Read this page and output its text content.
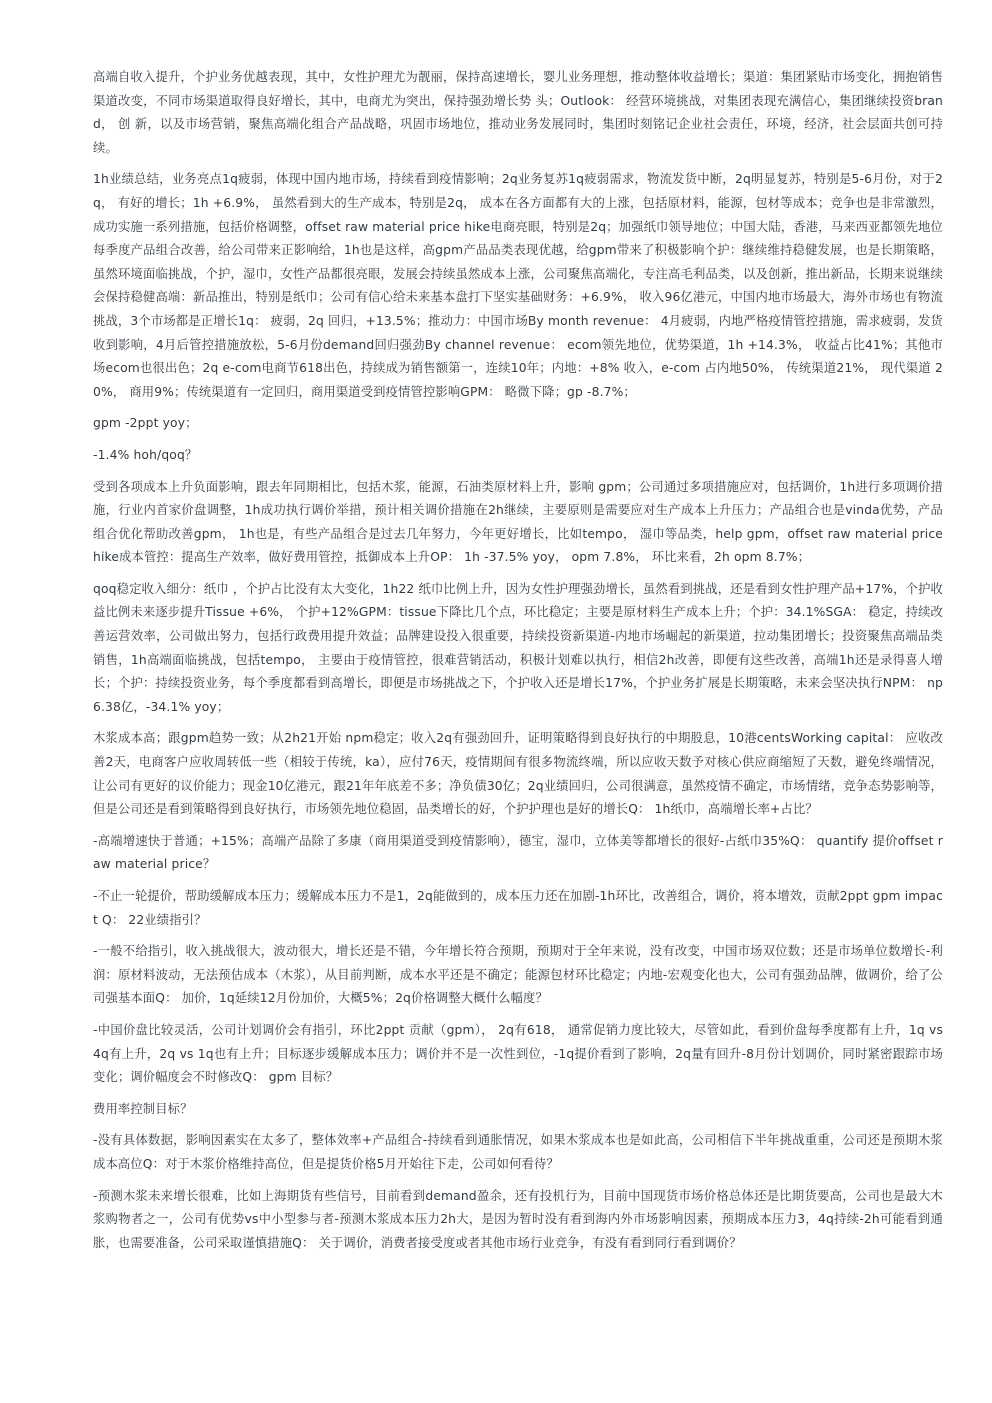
高端自收入提升，个护业务优越表现，其中，女性护理尤为靓丽，保持高速增长，婴儿业务理想，推动整体收益增长；渠道：集团紧贴市场变化，拥抱销售渠道改变，不同市场渠道取得良好增长，其中，电商尤为突出，保持强劲增长势 头；Outlook： 经营环境挑战，对集团表现充满信心，集团继续投资brand， 创 新，以及市场营销，聚焦高端化组合产品战略，巩固市场地位，推动业务发展同时，集团时刻铭记企业社会责任，环境，经济，社会层面共创可持续。

1h业绩总结，业务亮点1q疲弱，体现中国内地市场，持续看到疫情影响；2q业务复苏1q疲弱需求，物流发货中断，2q明显复苏，特别是5-6月份，对于2q， 有好的增长；1h +6.9%， 虽然看到大的生产成本，特别是2q， 成本在各方面都有大的上涨，包括原材料，能源，包材等成本；竞争也是非常激烈，成功实施一系列措施，包括价格调整，offset raw material price hike电商亮眼，特别是2q；加强纸巾领导地位；中国大陆，香港，马来西亚都领先地位每季度产品组合改善，给公司带来正影响给，1h也是这样，高gpm产品品类表现优越，给gpm带来了积极影响个护：继续维持稳健发展，也是长期策略，虽然环境面临挑战，个护，湿巾，女性产品都很亮眼，发展会持续虽然成本上涨，公司聚焦高端化，专注高毛利品类，以及创新，推出新品，长期来说继续会保持稳健高端：新品推出，特别是纸巾；公司有信心给未来基本盘打下坚实基础财务：+6.9%， 收入96亿港元，中国内地市场最大，海外市场也有物流挑战，3个市场都是正增长1q： 疲弱，2q 回归，+13.5%；推动力：中国市场By month revenue： 4月疲弱，内地严格疫情管控措施，需求疲弱，发货收到影响，4月后管控措施放松，5-6月份demand回归强劲By channel revenue： ecom领先地位，优势渠道，1h +14.3%， 收益占比41%；其他市场ecom也很出色；2q e-com电商节618出色，持续成为销售额第一，连续10年；内地：+8% 收入，e-com 占内地50%， 传统渠道21%， 现代渠道 20%， 商用9%；传统渠道有一定回归，商用渠道受到疫情管控影响GPM： 略微下降；gp -8.7%；

gpm -2ppt yoy；

-1.4% hoh/qoq？

受到各项成本上升负面影响，跟去年同期相比，包括木浆，能源，石油类原材料上升，影响 gpm；公司通过多项措施应对，包括调价，1h进行多项调价措施，行业内首家价盘调整，1h成功执行调价举措，预计相关调价措施在2h继续，主要原则是需要应对生产成本上升压力；产品组合也是vinda优势，产品组合优化帮助改善gpm， 1h也是，有些产品组合是过去几年努力，今年更好增长，比如tempo， 湿巾等品类，help gpm，offset raw material price hike成本管控：提高生产效率，做好费用管控，抵御成本上升OP： 1h -37.5% yoy， opm 7.8%， 环比来看，2h opm 8.7%；

qoq稳定收入细分：纸巾 ，个护占比没有太大变化，1h22 纸巾比例上升，因为女性护理强劲增长，虽然看到挑战，还是看到女性护理产品+17%，个护收益比例未来逐步提升Tissue +6%， 个护+12%GPM：tissue下降比几个点，环比稳定；主要是原材料生产成本上升；个护：34.1%SGA： 稳定，持续改善运营效率，公司做出努力，包括行政费用提升效益；品牌建设投入很重要，持续投资新渠道-内地市场崛起的新渠道，拉动集团增长；投资聚焦高端品类销售，1h高端面临挑战，包括tempo， 主要由于疫情管控，很难营销活动，积极计划难以执行，相信2h改善，即便有这些改善，高端1h还是录得喜人增长；个护：持续投资业务，每个季度都看到高增长，即便是市场挑战之下，个护收入还是增长17%，个护业务扩展是长期策略，未来会坚决执行NPM： np 6.38亿，-34.1% yoy；

木浆成本高；跟gpm趋势一致；从2h21开始 npm稳定；收入2q有强劲回升，证明策略得到良好执行的中期股息，10港centsWorking capital： 应收改善2天，电商客户应收周转低一些（相较于传统，ka），应付76天，疫情期间有很多物流终端，所以应收天数予对核心供应商缩短了天数，避免终端情况，让公司有更好的议价能力；现金10亿港元，跟21年年底差不多；净负债30亿；2q业绩回归，公司很满意，虽然疫情不确定，市场情绪，竞争态势影响等，但是公司还是看到策略得到良好执行，市场领先地位稳固，品类增长的好，个护护理也是好的增长Q： 1h纸巾，高端增长率+占比？

-高端增速快于普通；+15%；高端产品除了多康（商用渠道受到疫情影响），德宝，湿巾，立体美等都增长的很好-占纸巾35%Q： quantify 提价offset raw material price？

-不止一轮提价，帮助缓解成本压力；缓解成本压力不是1，2q能做到的，成本压力还在加剧-1h环比，改善组合，调价，将本增效，贡献2ppt gpm impact Q： 22业绩指引？

-一般不给指引，收入挑战很大，波动很大，增长还是不错，今年增长符合预期，预期对于全年来说，没有改变，中国市场双位数；还是市场单位数增长-利润：原材料波动，无法预估成本（木浆），从目前判断，成本水平还是不确定；能源包材环比稳定；内地-宏观变化也大，公司有强劲品牌，做调价，给了公司强基本面Q： 加价，1q延续12月份加价，大概5%；2q价格调整大概什么幅度？

-中国价盘比较灵活，公司计划调价会有指引，环比2ppt 贡献（gpm）， 2q有618， 通常促销力度比较大，尽管如此，看到价盘每季度都有上升，1q vs 4q有上升，2q vs 1q也有上升；目标逐步缓解成本压力；调价并不是一次性到位，-1q提价看到了影响，2q量有回升-8月份计划调价，同时紧密跟踪市场变化；调价幅度会不时修改Q： gpm 目标？

费用率控制目标？

-没有具体数据，影响因素实在太多了，整体效率+产品组合-持续看到通胀情况，如果木浆成本也是如此高，公司相信下半年挑战重重，公司还是预期木浆成本高位Q：对于木浆价格维持高位，但是提货价格5月开始往下走，公司如何看待？

-预测木浆未来增长很难，比如上海期货有些信号，目前看到demand盈余，还有投机行为，目前中国现货市场价格总体还是比期货要高，公司也是最大木浆购物者之一，公司有优势vs中小型参与者-预测木浆成本压力2h大，是因为暂时没有看到海内外市场影响因素，预期成本压力3，4q持续-2h可能看到通胀，也需要准备，公司采取谨慎措施Q： 关于调价，消费者接受度或者其他市场行业竞争，有没有看到同行看到调价？
